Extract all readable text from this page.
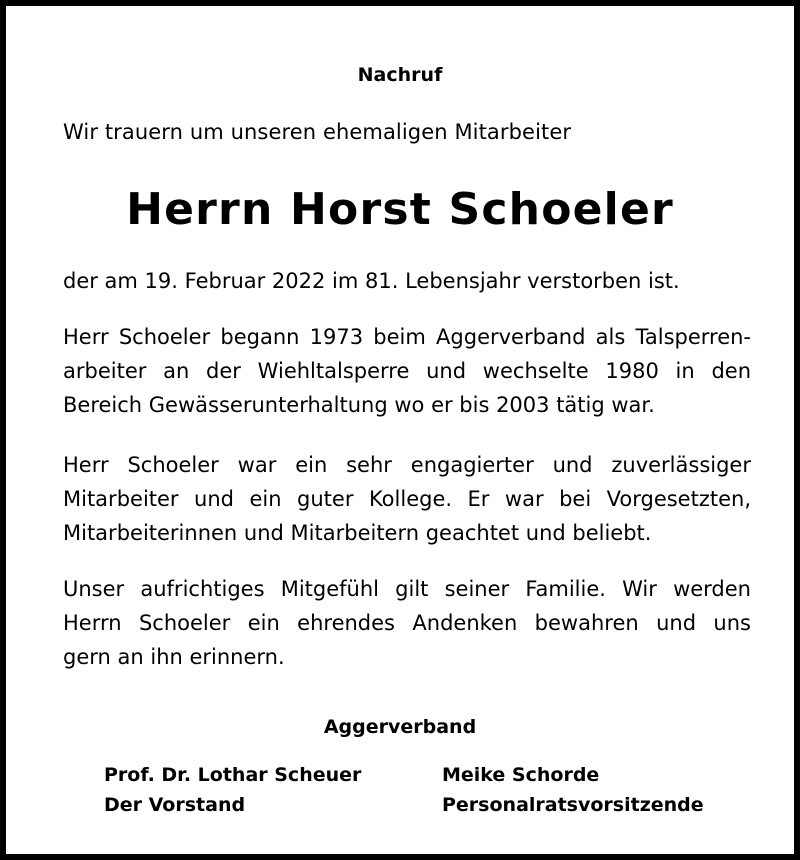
Nachruf
Wir trauern um unseren ehemaligen Mitarbeiter
Herrn Horst Schoeler
der am 19. Februar 2022 im 81. Lebensjahr verstorben ist.
Herr Schoeler begann 1973 beim Aggerverband als Talsperren-
arbeiter an der Wiehltalsperre und wechselte 1980 in den
Bereich Gewässerunterhaltung wo er bis 2003 tätig war.
Herr Schoeler war ein sehr engagierter und zuverlässiger
Mitarbeiter und ein guter Kollege. Er war bei Vorgesetzten,
Mitarbeiterinnen und Mitarbeitern geachtet und beliebt.
Unser aufrichtiges Mitgefühl gilt seiner Familie. Wir werden
Herrn Schoeler ein ehrendes Andenken bewahren und uns
gern an ihn erinnern.
Aggerverband
Prof. Dr. Lothar Scheuer
Der Vorstand
Meike Schorde
Personalratsvorsitzende
